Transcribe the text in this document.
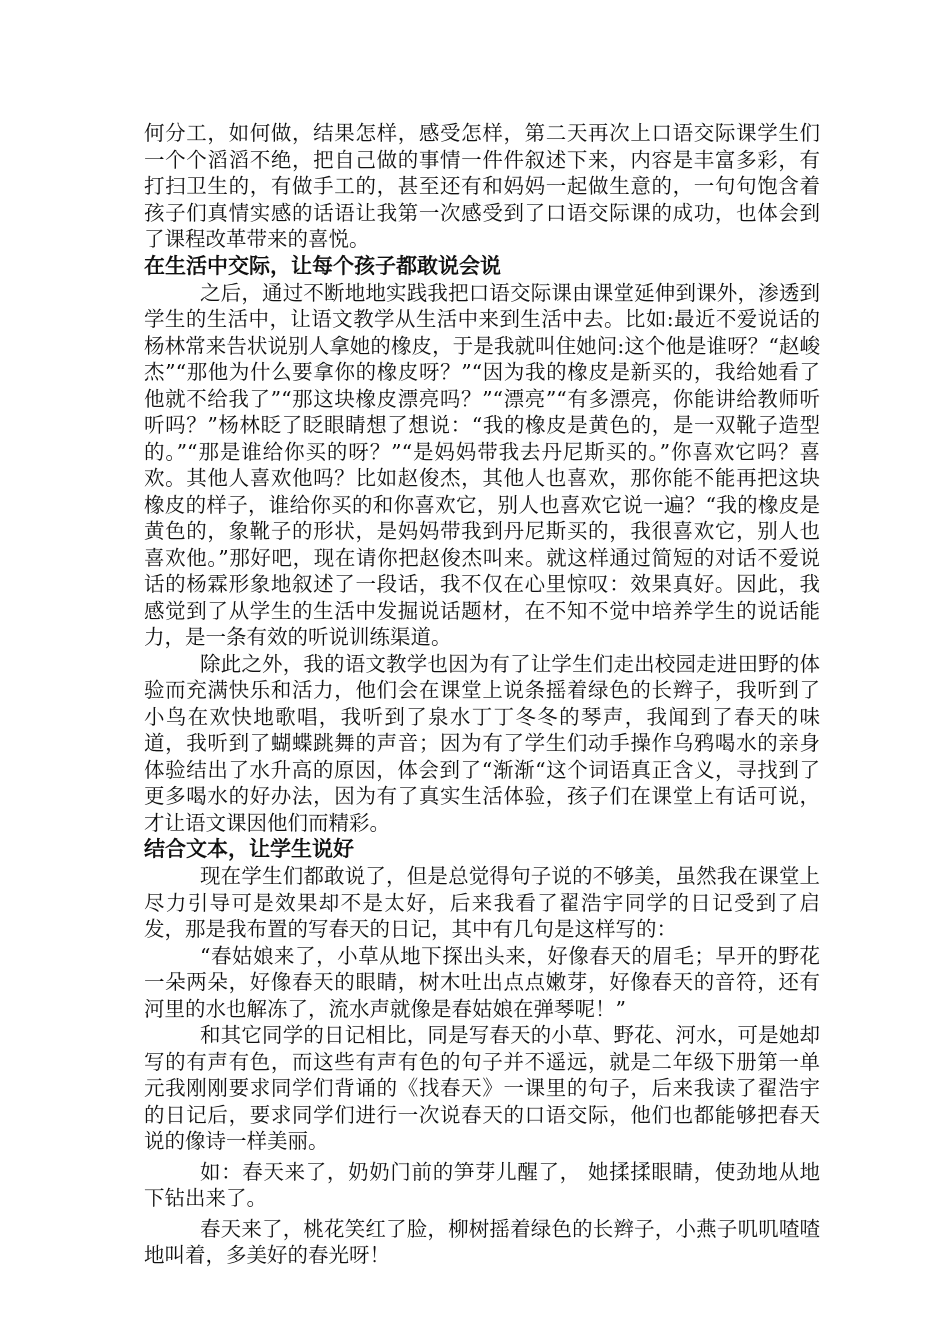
何分工，如何做，结果怎样，感受怎样，第二天再次上口语交际课学生们一个个滔滔不绝，把自己做的事情一件件叙述下来，内容是丰富多彩，有打扫卫生的，有做手工的，甚至还有和妈妈一起做生意的，一句句饱含着孩子们真情实感的话语让我第一次感受到了口语交际课的成功，也体会到了课程改革带来的喜悦。

在生活中交际，让每个孩子都敢说会说

之后，通过不断地地实践我把口语交际课由课堂延伸到课外，渗透到学生的生活中，让语文教学从生活中来到生活中去。比如:最近不爱说话的杨林常来告状说别人拿她的橡皮，于是我就叫住她问:这个他是谁呀？“赵峻杰”“那他为什么要拿你的橡皮呀？”“因为我的橡皮是新买的，我给她看了他就不给我了”“那这块橡皮漂亮吗？”“漂亮”“有多漂亮，你能讲给教师听听吗？”杨林眨了眨眼睛想了想说：“我的橡皮是黄色的，是一双靴子造型的。”“那是谁给你买的呀？”“是妈妈带我去丹尼斯买的。”你喜欢它吗？喜欢。其他人喜欢他吗？比如赵俊杰，其他人也喜欢，那你能不能再把这块橡皮的样子，谁给你买的和你喜欢它，别人也喜欢它说一遍？“我的橡皮是黄色的，象靴子的形状，是妈妈带我到丹尼斯买的，我很喜欢它，别人也喜欢他。”那好吧，现在请你把赵俊杰叫来。就这样通过简短的对话不爱说话的杨霖形象地叙述了一段话，我不仅在心里惊叹：效果真好。因此，我感觉到了从学生的生活中发掘说话题材，在不知不觉中培养学生的说话能力，是一条有效的听说训练渠道。

除此之外，我的语文教学也因为有了让学生们走出校园走进田野的体验而充满快乐和活力，他们会在课堂上说条摇着绿色的长辫子，我听到了小鸟在欢快地歌唱，我听到了泉水丁丁冬冬的琴声，我闻到了春天的味道，我听到了蝴蝶跳舞的声音；因为有了学生们动手操作乌鸦喝水的亲身体验结出了水升高的原因，体会到了“渐渐“这个词语真正含义，寻找到了更多喝水的好办法，因为有了真实生活体验，孩子们在课堂上有话可说，才让语文课因他们而精彩。

结合文本，让学生说好

现在学生们都敢说了，但是总觉得句子说的不够美，虽然我在课堂上尽力引导可是效果却不是太好，后来我看了翟浩宇同学的日记受到了启发，那是我布置的写春天的日记，其中有几句是这样写的：

“春姑娘来了，小草从地下探出头来，好像春天的眉毛；早开的野花一朵两朵，好像春天的眼睛，树木吐出点点嫩芽，好像春天的音符，还有河里的水也解冻了，流水声就像是春姑娘在弹琴呢！”

和其它同学的日记相比，同是写春天的小草、野花、河水，可是她却写的有声有色，而这些有声有色的句子并不遥远，就是二年级下册第一单元我刚刚要求同学们背诵的《找春天》一课里的句子，后来我读了翟浩宇的日记后，要求同学们进行一次说春天的口语交际，他们也都能够把春天说的像诗一样美丽。

如：春天来了，奶奶门前的笋芽儿醒了， 她揉揉眼睛，使劲地从地下钻出来了。

春天来了，桃花笑红了脸，柳树摇着绿色的长辫子，小燕子叽叽喳喳地叫着，多美好的春光呀！
